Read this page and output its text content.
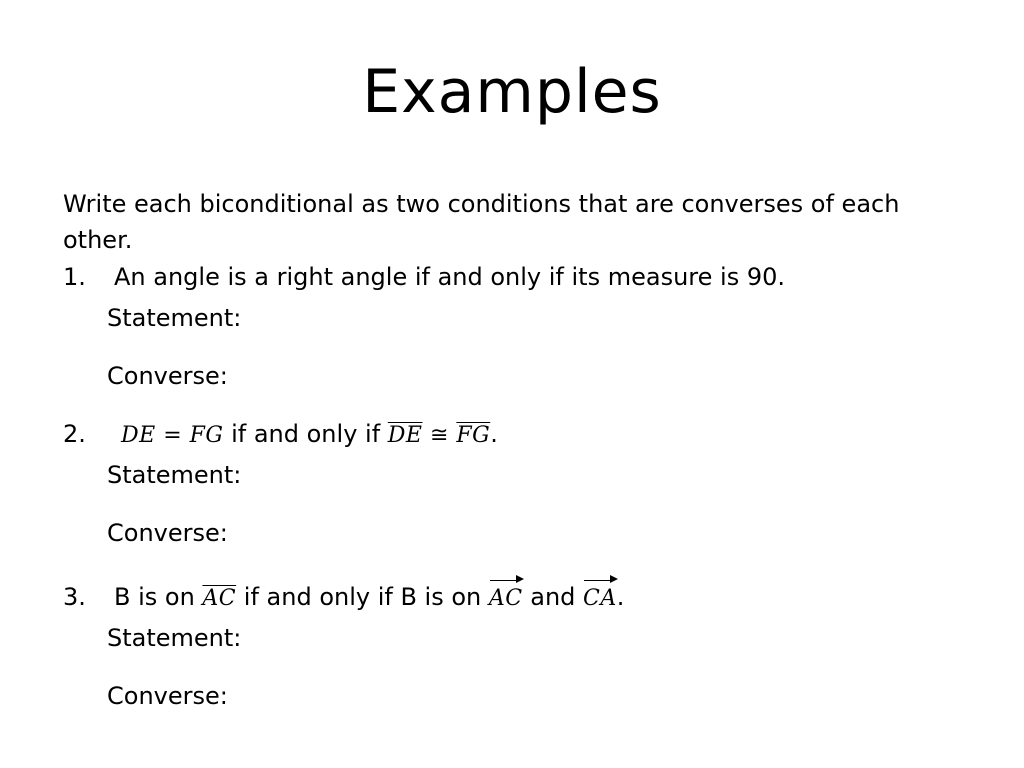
Examples
Write each biconditional as two conditions that are converses of each other.
1. An angle is a right angle if and only if its measure is 90.
Statement:
Converse:
2. DE = FG if and only if $\overline{DE}$ ≅ $\overline{FG}$.
Statement:
Converse:
3. B is on $\overline{AC}$ if and only if B is on
AC and
CA.
Statement:
Converse:
